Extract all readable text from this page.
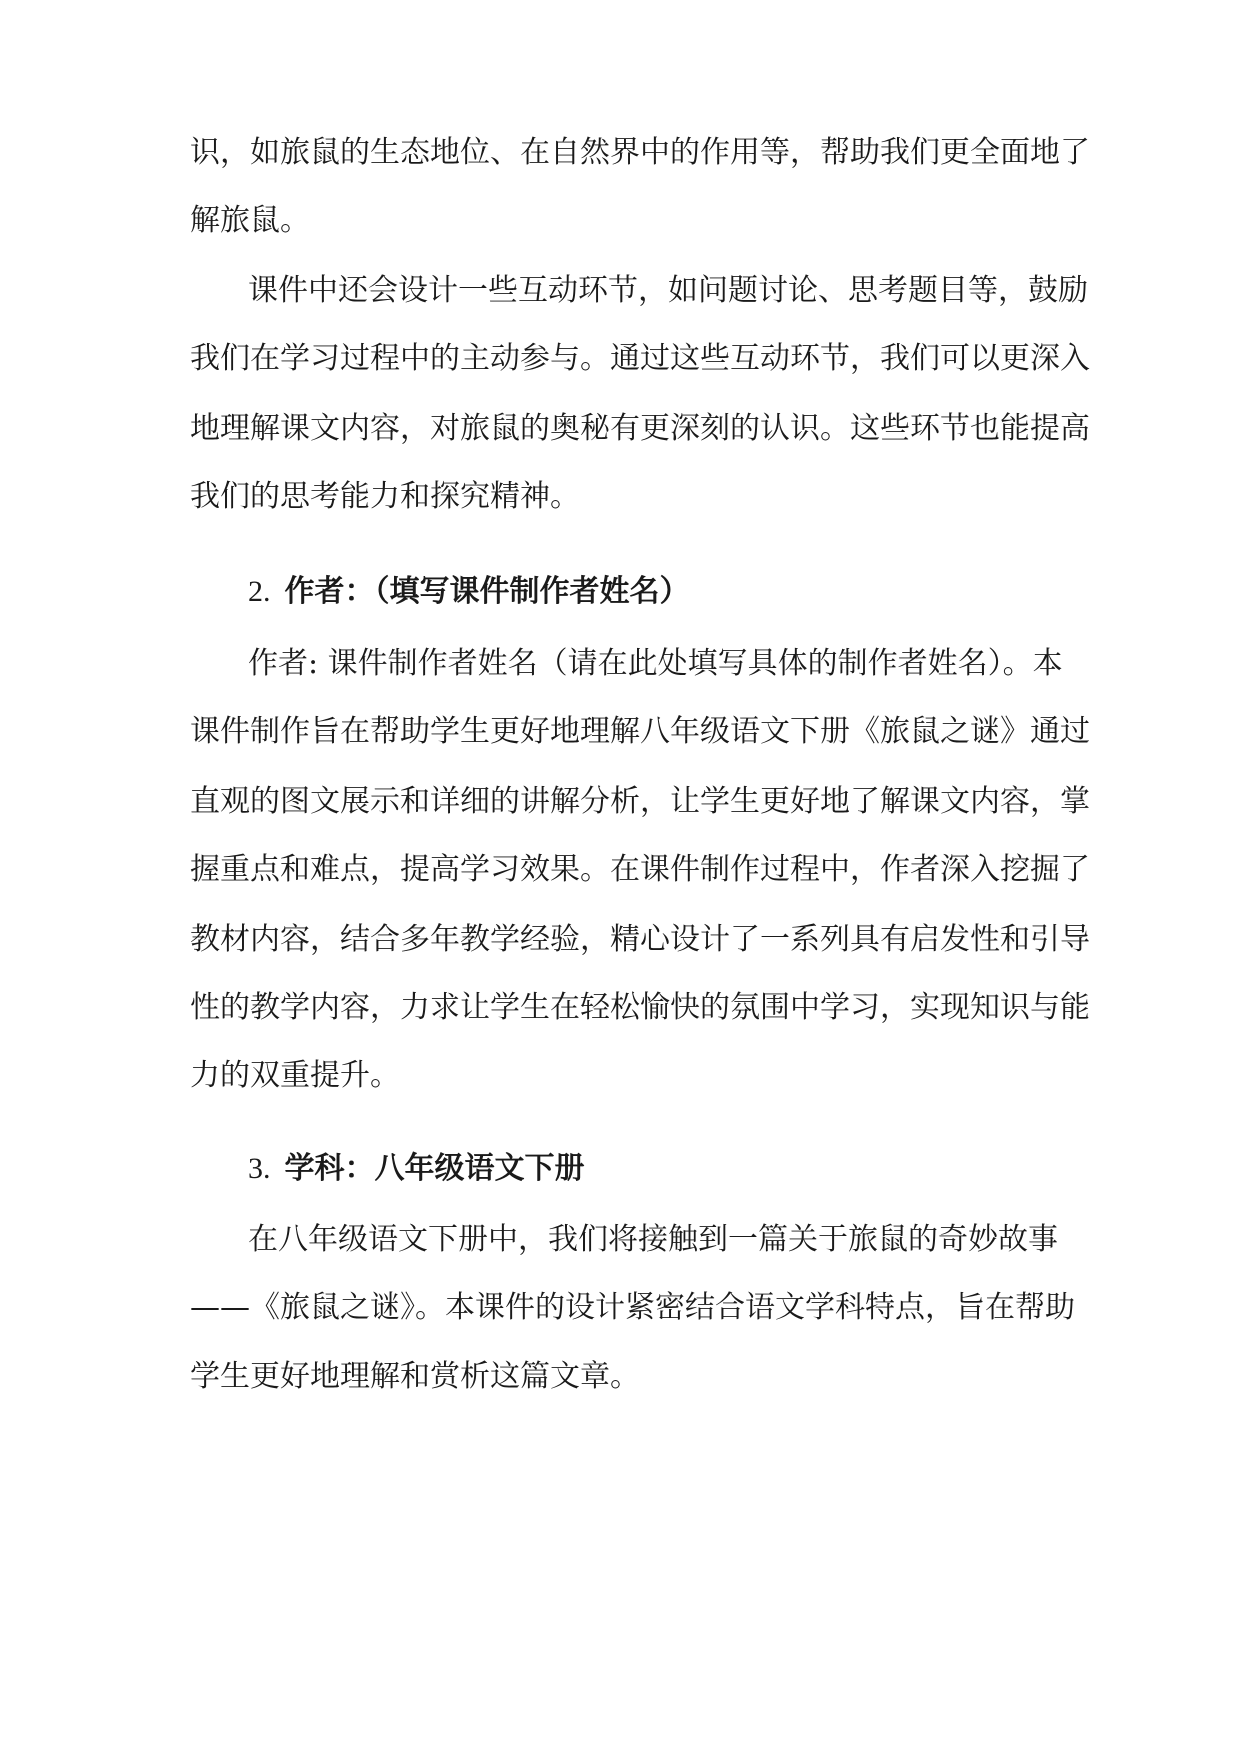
识，如旅鼠的生态地位、在自然界中的作用等，帮助我们更全面地了
解旅鼠。
课件中还会设计一些互动环节，如问题讨论、思考题目等，鼓励
我们在学习过程中的主动参与。通过这些互动环节，我们可以更深入
地理解课文内容，对旅鼠的奥秘有更深刻的认识。这些环节也能提高
我们的思考能力和探究精神。
2. 作者：（填写课件制作者姓名）
作者: 课件制作者姓名（请在此处填写具体的制作者姓名）。本
课件制作旨在帮助学生更好地理解八年级语文下册《旅鼠之谜》通过
直观的图文展示和详细的讲解分析，让学生更好地了解课文内容，掌
握重点和难点，提高学习效果。在课件制作过程中，作者深入挖掘了
教材内容，结合多年教学经验，精心设计了一系列具有启发性和引导
性的教学内容，力求让学生在轻松愉快的氛围中学习，实现知识与能
力的双重提升。
3. 学科：八年级语文下册
在八年级语文下册中，我们将接触到一篇关于旅鼠的奇妙故事
——《旅鼠之谜》。本课件的设计紧密结合语文学科特点，旨在帮助
学生更好地理解和赏析这篇文章。
